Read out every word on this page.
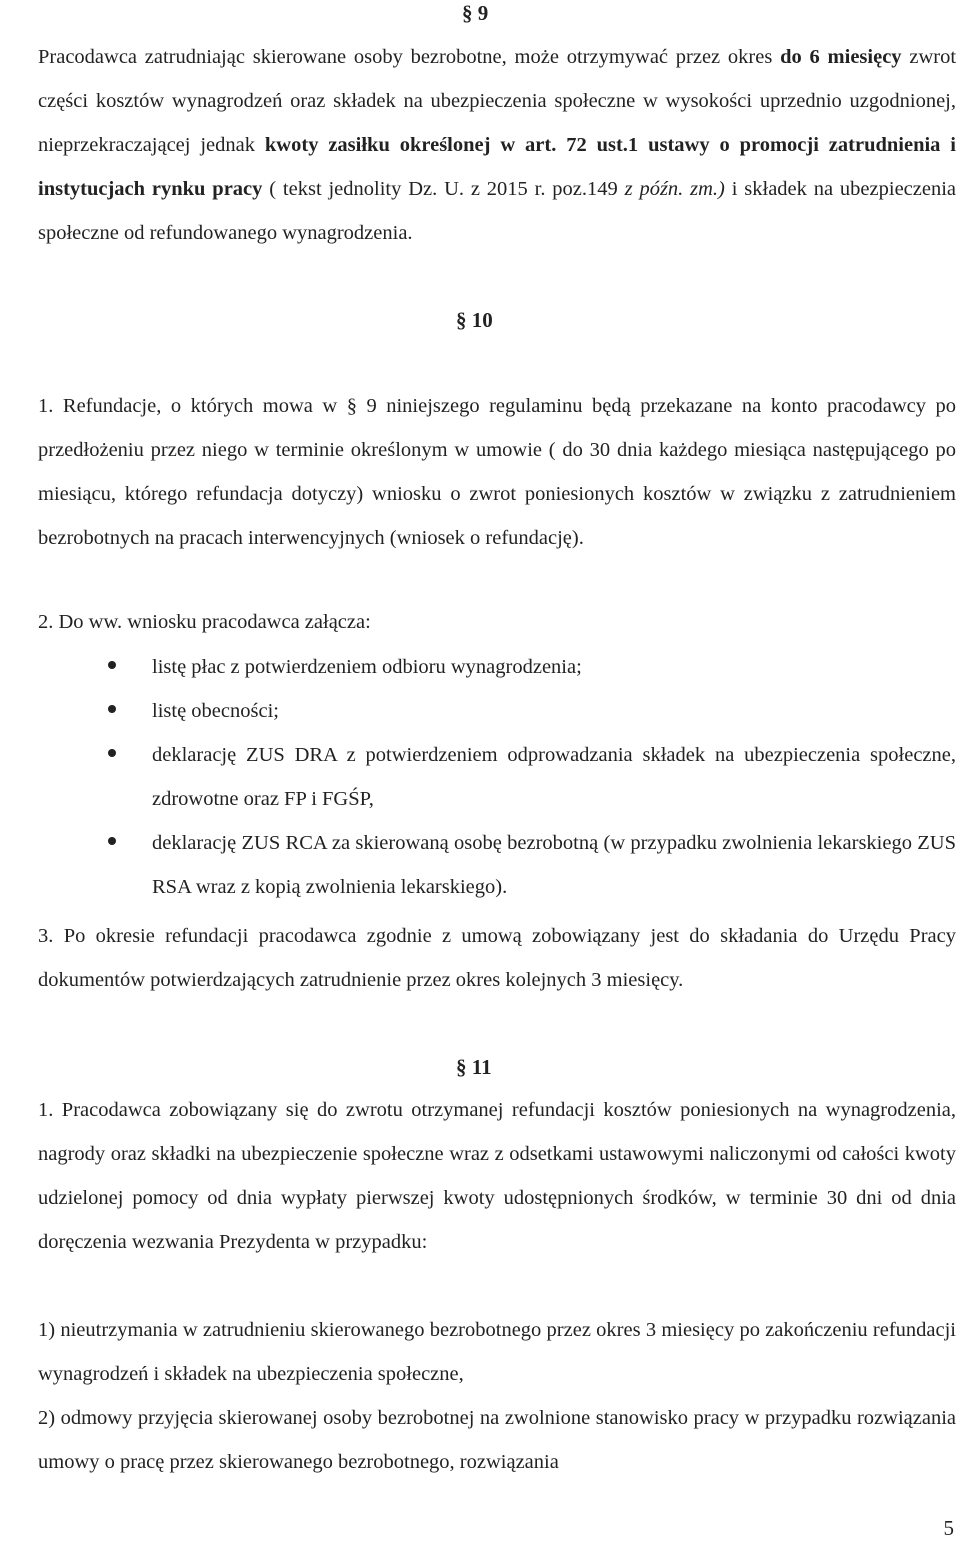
§ 9

Pracodawca zatrudniając skierowane osoby bezrobotne, może otrzymywać przez okres do 6 miesięcy zwrot części kosztów wynagrodzeń oraz składek na ubezpieczenia społeczne w wysokości uprzednio uzgodnionej, nieprzekraczającej jednak kwoty zasiłku określonej w art. 72 ust.1 ustawy o promocji zatrudnienia i instytucjach rynku pracy ( tekst jednolity Dz. U. z 2015 r. poz.149 z późn. zm.) i składek na ubezpieczenia społeczne od refundowanego wynagrodzenia.

§ 10

1. Refundacje, o których mowa w § 9 niniejszego regulaminu będą przekazane na konto pracodawcy po przedłożeniu przez niego w terminie określonym w umowie ( do 30 dnia każdego miesiąca następującego po miesiącu, którego refundacja dotyczy) wniosku o zwrot poniesionych kosztów w związku z zatrudnieniem bezrobotnych na pracach interwencyjnych (wniosek o refundację).

2. Do ww. wniosku pracodawca załącza:

listę płac z potwierdzeniem odbioru wynagrodzenia;
listę obecności;
deklarację ZUS DRA z potwierdzeniem odprowadzania składek na ubezpieczenia społeczne, zdrowotne oraz FP i FGŚP,
deklarację ZUS RCA za skierowaną osobę bezrobotną (w przypadku zwolnienia lekarskiego ZUS RSA wraz z kopią zwolnienia lekarskiego).

3. Po okresie refundacji pracodawca zgodnie z umową zobowiązany jest do składania do Urzędu Pracy dokumentów potwierdzających zatrudnienie przez okres kolejnych 3 miesięcy.

§ 11

1. Pracodawca zobowiązany się do zwrotu otrzymanej refundacji kosztów poniesionych na wynagrodzenia, nagrody oraz składki na ubezpieczenie społeczne wraz z odsetkami ustawowymi naliczonymi od całości kwoty udzielonej pomocy od dnia wypłaty pierwszej kwoty udostępnionych środków, w terminie 30 dni od dnia doręczenia wezwania Prezydenta w przypadku:

1) nieutrzymania w zatrudnieniu skierowanego bezrobotnego przez okres 3 miesięcy po zakończeniu refundacji wynagrodzeń i składek na ubezpieczenia społeczne,

2) odmowy przyjęcia skierowanej osoby bezrobotnej na zwolnione stanowisko pracy w przypadku rozwiązania umowy o pracę przez skierowanego bezrobotnego, rozwiązania

5
